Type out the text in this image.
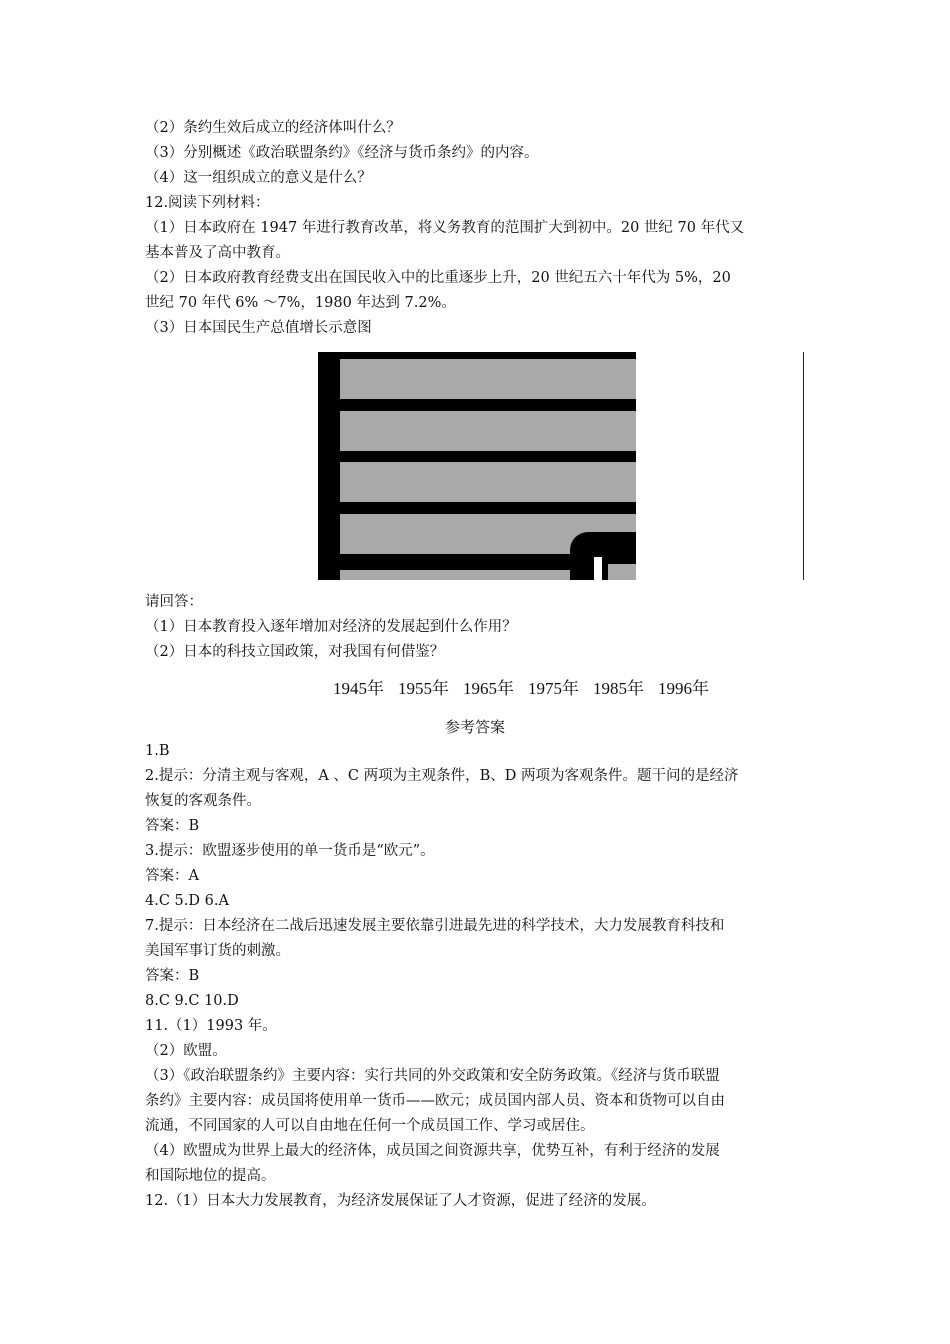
（2）条约生效后成立的经济体叫什么？
（3）分别概述《政治联盟条约》《经济与货币条约》的内容。
（4）这一组织成立的意义是什么？
12.阅读下列材料：
（1）日本政府在 1947 年进行教育改革，将义务教育的范围扩大到初中。20 世纪 70 年代又
基本普及了高中教育。
（2）日本政府教育经费支出在国民收入中的比重逐步上升，20 世纪五六十年代为 5%，20
世纪 70 年代 6% ～7%，1980 年达到 7.2%。
（3）日本国民生产总值增长示意图
请回答：
（1）日本教育投入逐年增加对经济的发展起到什么作用？
（2）日本的科技立国政策，对我国有何借鉴？
1945年 1955年 1965年 1975年 1985年 1996年
参考答案
1.B
2.提示：分清主观与客观，A 、C 两项为主观条件，B、D 两项为客观条件。题干问的是经济
恢复的客观条件。
答案：B
3.提示：欧盟逐步使用的单一货币是“欧元”。
答案：A
4.C 5.D 6.A
7.提示：日本经济在二战后迅速发展主要依靠引进最先进的科学技术，大力发展教育科技和
美国军事订货的刺激。
答案：B
8.C 9.C 10.D
11.（1）1993 年。
（2）欧盟。
（3）《政治联盟条约》主要内容：实行共同的外交政策和安全防务政策。《经济与货币联盟
条约》主要内容：成员国将使用单一货币——欧元；成员国内部人员、资本和货物可以自由
流通，不同国家的人可以自由地在任何一个成员国工作、学习或居住。
（4）欧盟成为世界上最大的经济体，成员国之间资源共享，优势互补，有利于经济的发展
和国际地位的提高。
12.（1）日本大力发展教育，为经济发展保证了人才资源，促进了经济的发展。
